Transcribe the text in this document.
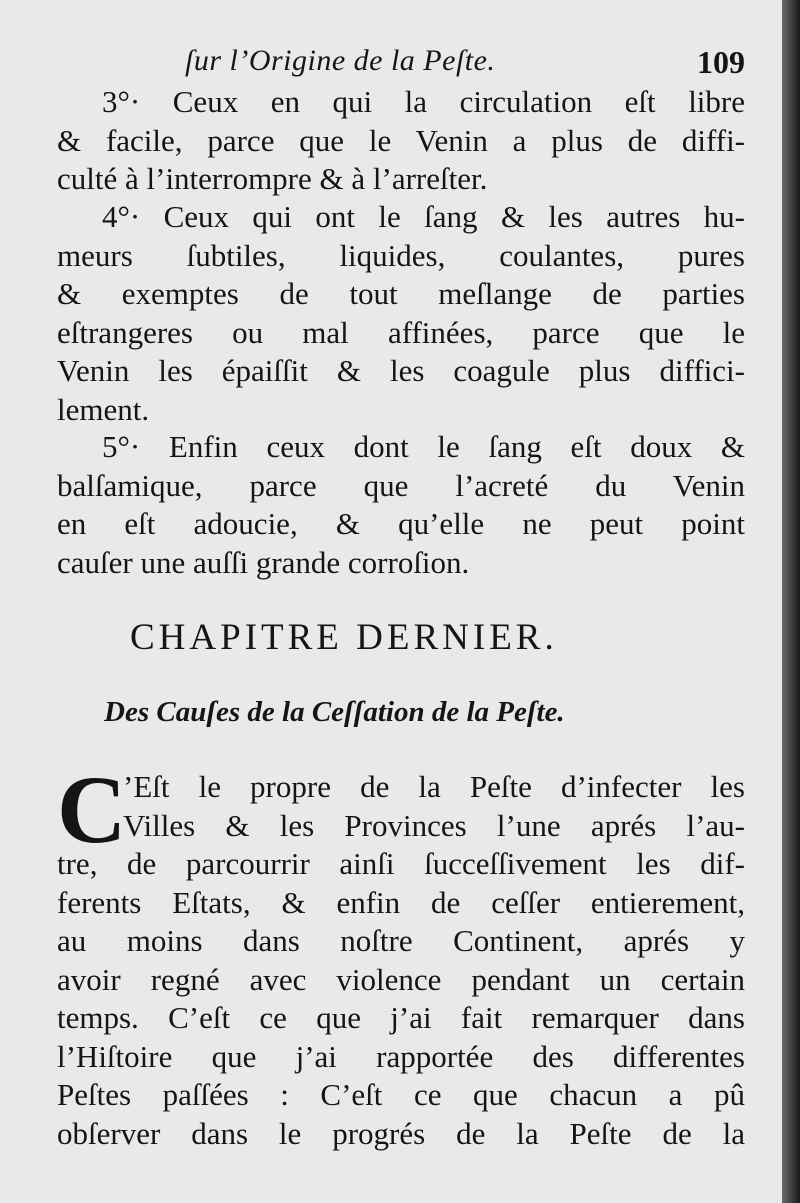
ſur l’Origine de la Peſte.	109
3°· Ceux en qui la circulation eſt libre
& facile, parce que le Venin a plus de diffi-
culté à l’interrompre & à l’arreſter.
4°· Ceux qui ont le ſang & les autres hu-
meurs ſubtiles, liquides, coulantes, pures
& exemptes de tout meſlange de parties
eſtrangeres ou mal affinées, parce que le
Venin les épaiſſit & les coagule plus diffici-
lement.
5°· Enfin ceux dont le ſang eſt doux &
balſamique, parce que l’acreté du Venin
en eſt adoucie, & qu’elle ne peut point
cauſer une auſſi grande corroſion.
CHAPITRE DERNIER.
Des Cauſes de la Ceſſation de la Peſte.
C
’Eſt le propre de la Peſte d’infecter les
Villes & les Provinces l’une aprés l’au-
tre, de parcourrir ainſi ſucceſſivement les dif-
ferents Eſtats, & enfin de ceſſer entierement,
au moins dans noſtre Continent, aprés y
avoir regné avec violence pendant un certain
temps. C’eſt ce que j’ai fait remarquer dans
l’Hiſtoire que j’ai rapportée des differentes
Peſtes paſſées : C’eſt ce que chacun a pû
obſerver dans le progrés de la Peſte de la
